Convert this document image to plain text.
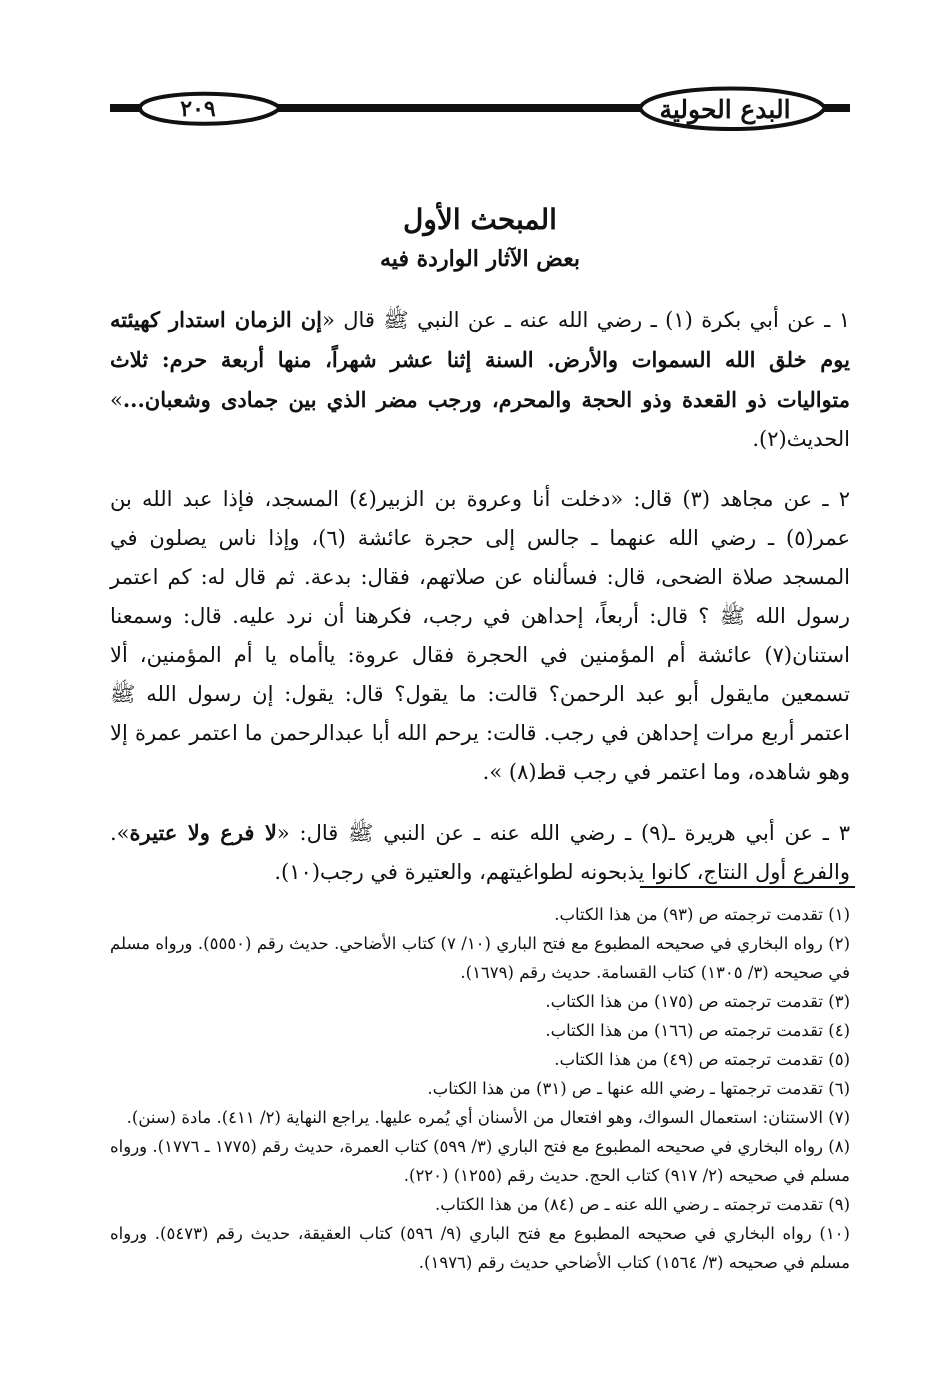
٢٠٩	البدع الحولية
المبحث الأول
بعض الآثار الواردة فيه

١ ـ عن أبي بكرة (١) ـ رضي الله عنه ـ عن النبي ﷺ قال «إن الزمان استدار كهيئته يوم خلق الله السموات والأرض. السنة إثنا عشر شهراً، منها أربعة حرم: ثلاث متواليات ذو القعدة وذو الحجة والمحرم، ورجب مضر الذي بين جمادى وشعبان...» الحديث(٢).

٢ ـ عن مجاهد (٣) قال: «دخلت أنا وعروة بن الزبير(٤) المسجد، فإذا عبد الله بن عمر(٥) ـ رضي الله عنهما ـ جالس إلى حجرة عائشة (٦)، وإذا ناس يصلون في المسجد صلاة الضحى، قال: فسألناه عن صلاتهم، فقال: بدعة. ثم قال له: كم اعتمر رسول الله ﷺ ؟ قال: أربعاً، إحداهن في رجب، فكرهنا أن نرد عليه. قال: وسمعنا استنان(٧) عائشة أم المؤمنين في الحجرة فقال عروة: ياأماه يا أم المؤمنين، ألا تسمعين مايقول أبو عبد الرحمن؟ قالت: ما يقول؟ قال: يقول: إن رسول الله ﷺ اعتمر أربع مرات إحداهن في رجب. قالت: يرحم الله أبا عبدالرحمن ما اعتمر عمرة إلا وهو شاهده، وما اعتمر في رجب قط(٨) ».

٣ ـ عن أبي هريرة ـ(٩) ـ رضي الله عنه ـ عن النبي ﷺ قال: «لا فرع ولا عتيرة». والفرع أول النتاج، كانوا يذبحونه لطواغيتهم، والعتيرة في رجب(١٠).

(١) تقدمت ترجمته ص (٩٣) من هذا الكتاب.

(٢) رواه البخاري في صحيحه المطبوع مع فتح الباري (١٠/ ٧) كتاب الأضاحي. حديث رقم (٥٥٥٠). ورواه مسلم في صحيحه (٣/ ١٣٠٥) كتاب القسامة. حديث رقم (١٦٧٩).

(٣) تقدمت ترجمته ص (١٧٥) من هذا الكتاب.

(٤) تقدمت ترجمته ص (١٦٦) من هذا الكتاب.

(٥) تقدمت ترجمته ص (٤٩) من هذا الكتاب.

(٦) تقدمت ترجمتها ـ رضي الله عنها ـ ص (٣١) من هذا الكتاب.

(٧) الاستنان: استعمال السواك، وهو افتعال من الأسنان أي يُمره عليها. يراجع النهاية (٢/ ٤١١). مادة (سنن).

(٨) رواه البخاري في صحيحه المطبوع مع فتح الباري (٣/ ٥٩٩) كتاب العمرة، حديث رقم (١٧٧٥ ـ ١٧٧٦). ورواه مسلم في صحيحه (٢/ ٩١٧) كتاب الحج. حديث رقم (١٢٥٥) (٢٢٠).

(٩) تقدمت ترجمته ـ رضي الله عنه ـ ص (٨٤) من هذا الكتاب.

(١٠) رواه البخاري في صحيحه المطبوع مع فتح الباري (٩/ ٥٩٦) كتاب العقيقة، حديث رقم (٥٤٧٣). ورواه مسلم في صحيحه (٣/ ١٥٦٤) كتاب الأضاحي حديث رقم (١٩٧٦).
